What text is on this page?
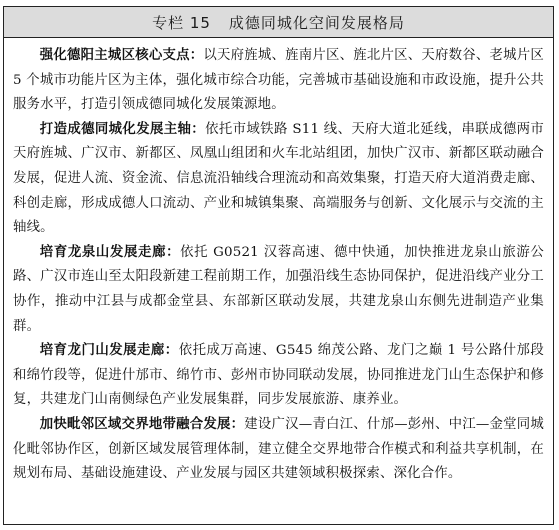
专栏 15 成德同城化空间发展格局

强化德阳主城区核心支点：以天府旌城、旌南片区、旌北片区、天府数谷、老城片区 5 个城市功能片区为主体，强化城市综合功能，完善城市基础设施和市政设施，提升公共服务水平，打造引领成德同城化发展策源地。

打造成德同城化发展主轴：依托市域铁路 S11 线、天府大道北延线，串联成德两市天府旌城、广汉市、新都区、凤凰山组团和火车北站组团，加快广汉市、新都区联动融合发展，促进人流、资金流、信息流沿轴线合理流动和高效集聚，打造天府大道消费走廊、科创走廊，形成成德人口流动、产业和城镇集聚、高端服务与创新、文化展示与交流的主轴线。

培育龙泉山发展走廊：依托 G0521 汉蓉高速、德中快通，加快推进龙泉山旅游公路、广汉市连山至太阳段新建工程前期工作，加强沿线生态协同保护，促进沿线产业分工协作，推动中江县与成都金堂县、东部新区联动发展，共建龙泉山东侧先进制造产业集群。

培育龙门山发展走廊：依托成万高速、G545 绵茂公路、龙门之巅 1 号公路什邡段和绵竹段等，促进什邡市、绵竹市、彭州市协同联动发展，协同推进龙门山生态保护和修复，共建龙门山南侧绿色产业发展集群，同步发展旅游、康养业。

加快毗邻区域交界地带融合发展：建设广汉—青白江、什邡—彭州、中江—金堂同城化毗邻协作区，创新区域发展管理体制，建立健全交界地带合作模式和利益共享机制，在规划布局、基础设施建设、产业发展与园区共建领域积极探索、深化合作。
